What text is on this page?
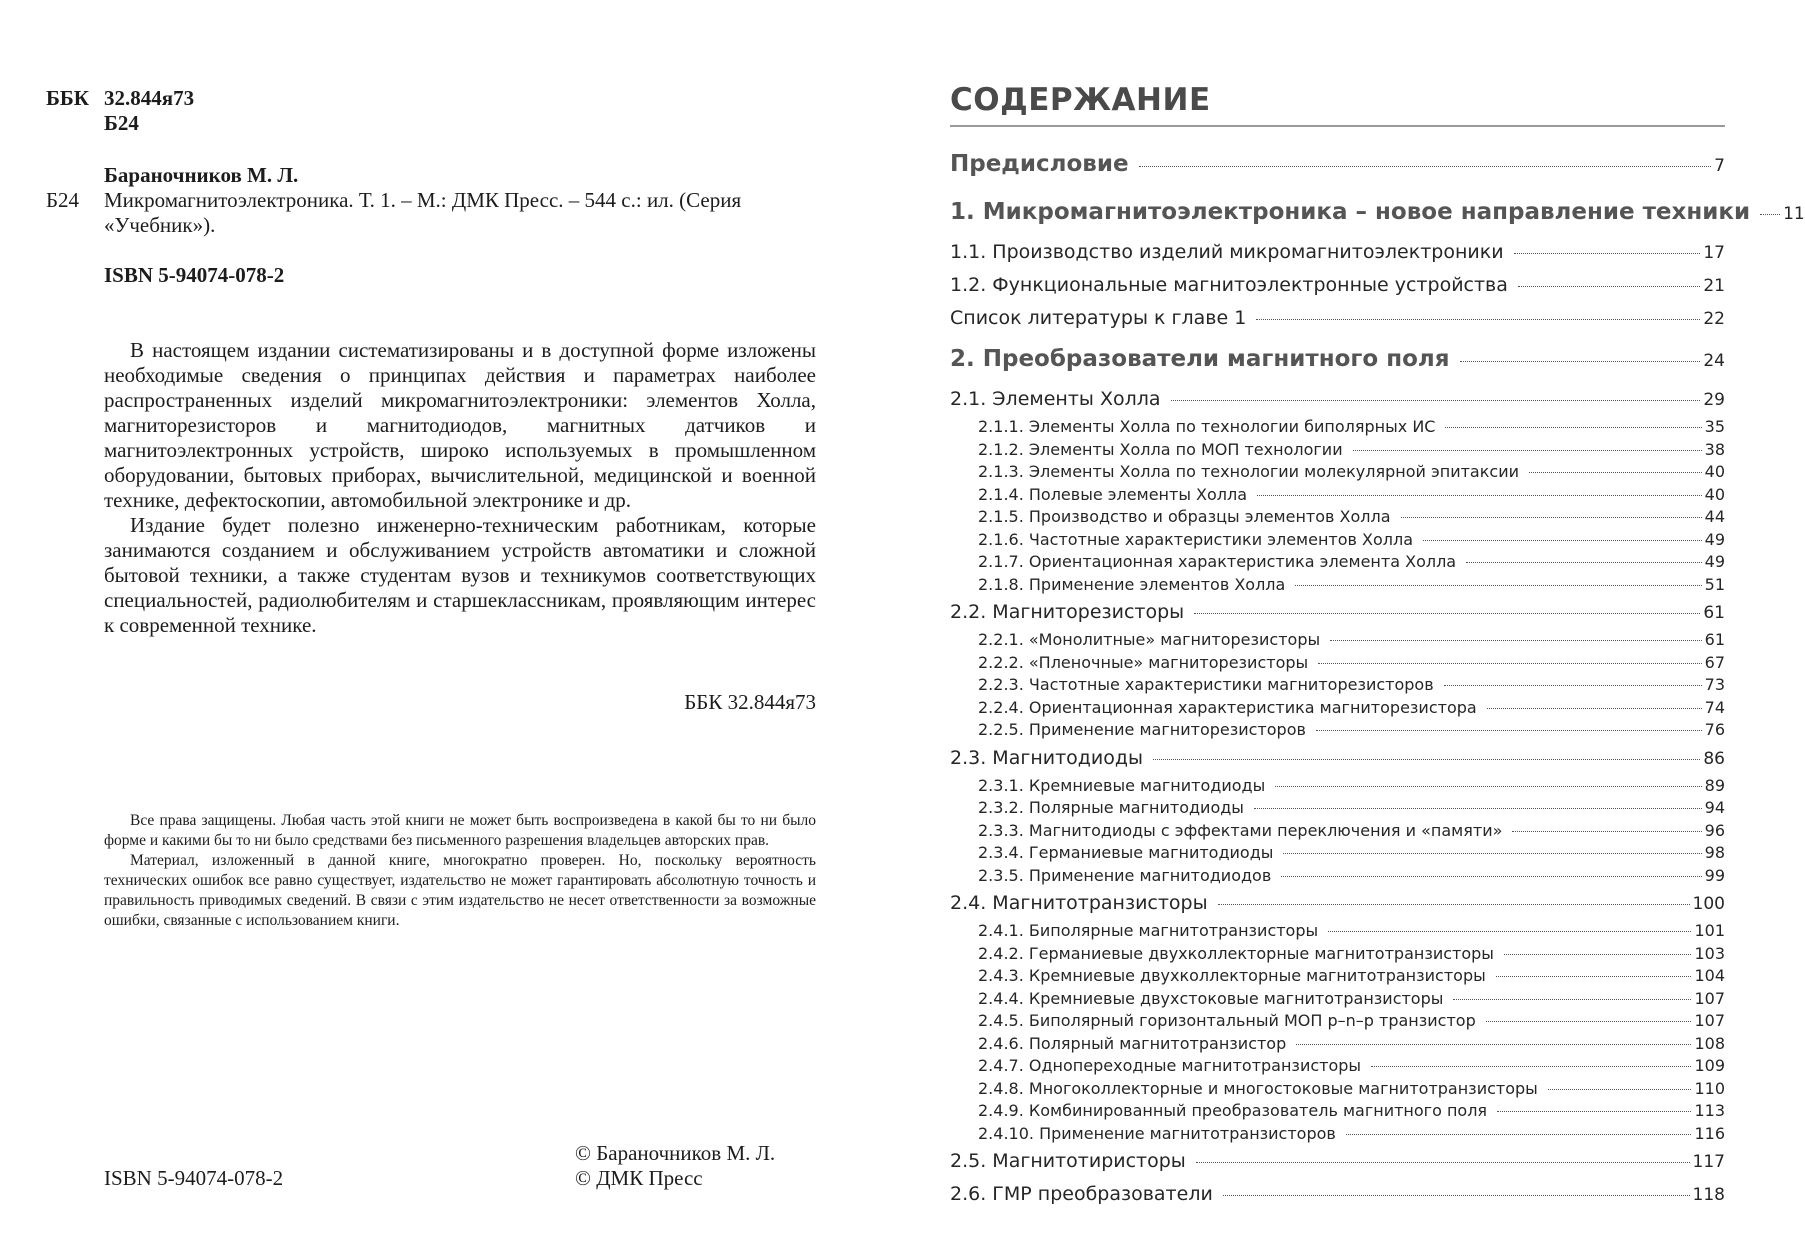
ББК 32.844я73
Б24
Бараночников М. Л.
Б24 Микромагнитоэлектроника. Т. 1. – М.: ДМК Пресс. – 544 с.: ил. (Серия
«Учебник»).
ISBN 5-94074-078-2

В настоящем издании систематизированы и в доступной форме изложены необходимые сведения о принципах действия и параметрах наиболее распространенных изделий микромагнитоэлектроники: элементов Холла, магниторезисторов и магнитодиодов, магнитных датчиков и магнитоэлектронных устройств, широко используемых в промышленном оборудовании, бытовых приборах, вычислительной, медицинской и военной технике, дефектоскопии, автомобильной электронике и др.

Издание будет полезно инженерно-техническим работникам, которые занимаются созданием и обслуживанием устройств автоматики и сложной бытовой техники, а также студентам вузов и техникумов соответствующих специальностей, радиолюбителям и старшеклассникам, проявляющим интерес к современной технике.

ББК 32.844я73

Все права защищены. Любая часть этой книги не может быть воспроизведена в какой бы то ни было форме и какими бы то ни было средствами без письменного разрешения владельцев авторских прав.

Материал, изложенный в данной книге, многократно проверен. Но, поскольку вероятность технических ошибок все равно существует, издательство не может гарантировать абсолютную точность и правильность приводимых сведений. В связи с этим издательство не несет ответственности за возможные ошибки, связанные с использованием книги.

ISBN 5-94074-078-2
© Бараночников М. Л.
© ДМК Пресс
СОДЕРЖАНИЕ
Предисловие	7
1. Микромагнитоэлектроника – новое направление техники 11
1.1. Производство изделий микромагнитоэлектроники	17
1.2. Функциональные магнитоэлектронные устройства	21
Список литературы к главе 1	22
2. Преобразователи магнитного поля	24
2.1. Элементы Холла	29
2.1.1. Элементы Холла по технологии биполярных ИС	35
2.1.2. Элементы Холла по МОП технологии	38
2.1.3. Элементы Холла по технологии молекулярной эпитаксии	40
2.1.4. Полевые элементы Холла	40
2.1.5. Производство и образцы элементов Холла	44
2.1.6. Частотные характеристики элементов Холла	49
2.1.7. Ориентационная характеристика элемента Холла	49
2.1.8. Применение элементов Холла	51
2.2. Магниторезисторы	61
2.2.1. «Монолитные» магниторезисторы	61
2.2.2. «Пленочные» магниторезисторы	67
2.2.3. Частотные характеристики магниторезисторов	73
2.2.4. Ориентационная характеристика магниторезистора	74
2.2.5. Применение магниторезисторов	76
2.3. Магнитодиоды	86
2.3.1. Кремниевые магнитодиоды	89
2.3.2. Полярные магнитодиоды	94
2.3.3. Магнитодиоды с эффектами переключения и «памяти»	96
2.3.4. Германиевые магнитодиоды	98
2.3.5. Применение магнитодиодов	99
2.4. Магнитотранзисторы	100
2.4.1. Биполярные магнитотранзисторы	101
2.4.2. Германиевые двухколлекторные магнитотранзисторы	103
2.4.3. Кремниевые двухколлекторные магнитотранзисторы	104
2.4.4. Кремниевые двухстоковые магнитотранзисторы	107
2.4.5. Биполярный горизонтальный МОП p–n–p транзистор	107
2.4.6. Полярный магнитотранзистор	108
2.4.7. Однопереходные магнитотранзисторы	109
2.4.8. Многоколлекторные и многостоковые магнитотранзисторы	110
2.4.9. Комбинированный преобразователь магнитного поля	113
2.4.10. Применение магнитотранзисторов	116
2.5. Магнитотиристоры	117
2.6. ГМР преобразователи	118
